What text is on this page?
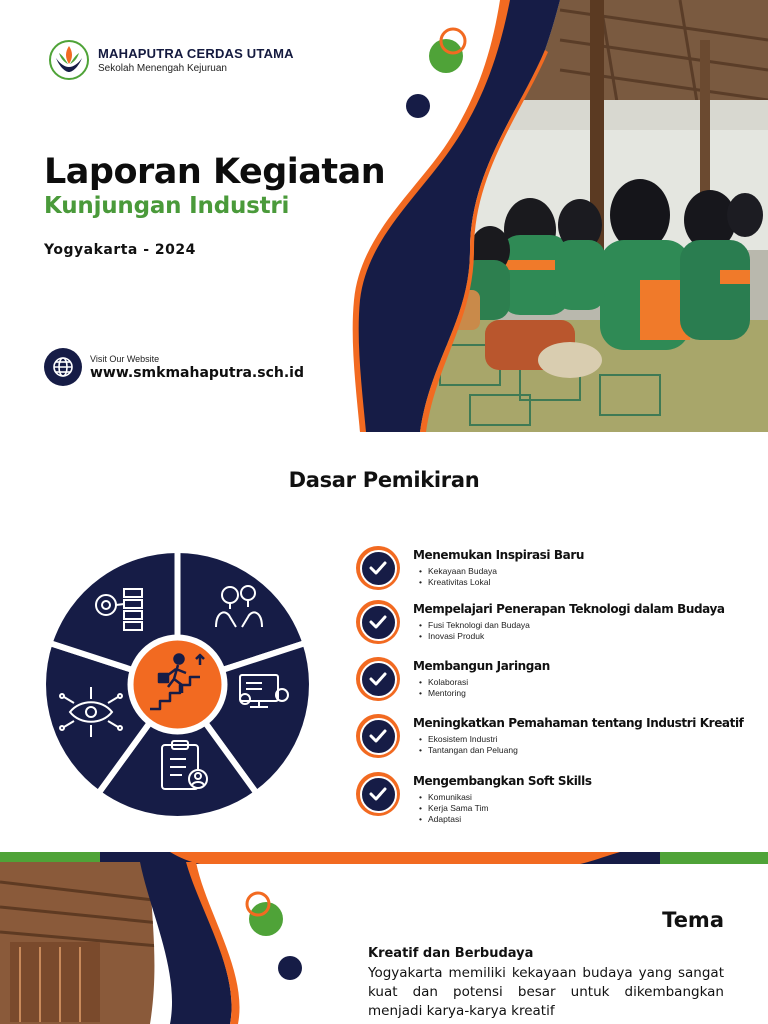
MAHAPUTRA CERDAS UTAMA
Sekolah Menengah Kejuruan
Laporan Kegiatan
Kunjungan Industri
Yogyakarta - 2024
Visit Our Website
www.smkmahaputra.sch.id
Dasar Pemikiran
Menemukan Inspirasi Baru
• Kekayaan Budaya
• Kreativitas Lokal
Mempelajari Penerapan Teknologi dalam Budaya
• Fusi Teknologi dan Budaya
• Inovasi Produk
Membangun Jaringan
• Kolaborasi
• Mentoring
Meningkatkan Pemahaman tentang Industri Kreatif
• Ekosistem Industri
• Tantangan dan Peluang
Mengembangkan Soft Skills
• Komunikasi
• Kerja Sama Tim
• Adaptasi
Tema
Kreatif dan Berbudaya
Yogyakarta memiliki kekayaan budaya yang sangat kuat dan potensi besar untuk dikembangkan menjadi karya-karya kreatif
